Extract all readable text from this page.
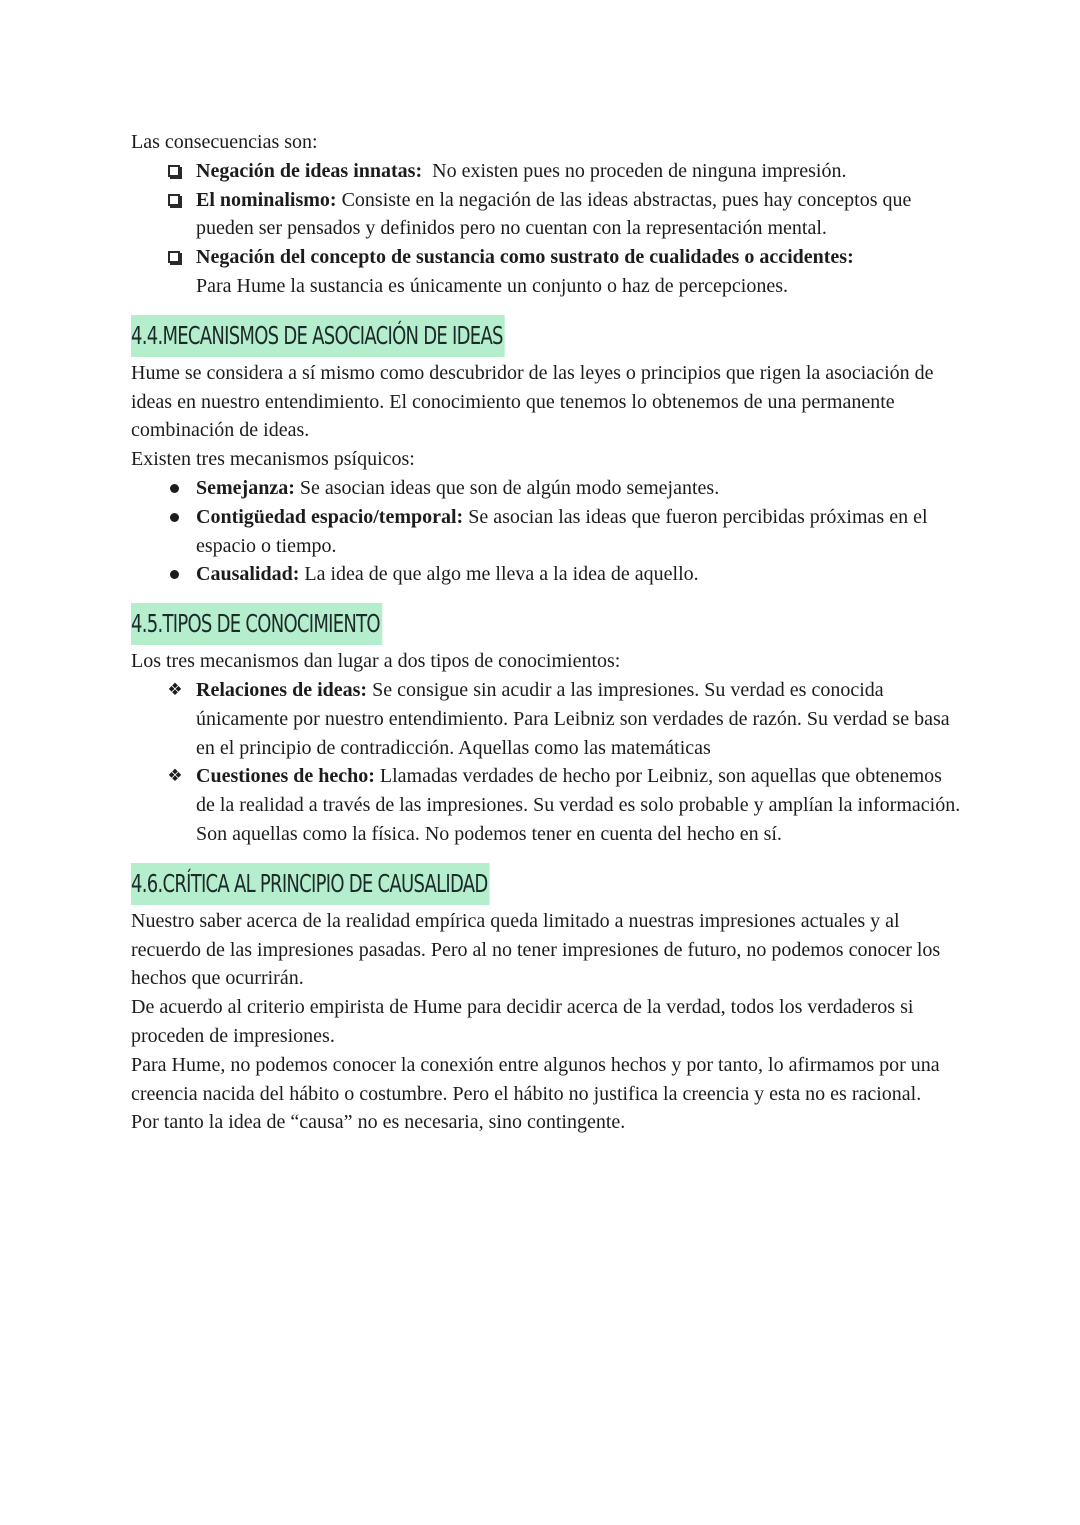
Las consecuencias son:

Negación de ideas innatas: No existen pues no proceden de ninguna impresión.
El nominalismo: Consiste en la negación de las ideas abstractas, pues hay conceptos que pueden ser pensados y definidos pero no cuentan con la representación mental.
Negación del concepto de sustancia como sustrato de cualidades o accidentes:
Para Hume la sustancia es únicamente un conjunto o haz de percepciones.
4.4.MECANISMOS DE ASOCIACIÓN DE IDEAS

Hume se considera a sí mismo como descubridor de las leyes o principios que rigen la asociación de ideas en nuestro entendimiento. El conocimiento que tenemos lo obtenemos de una permanente combinación de ideas.

Existen tres mecanismos psíquicos:

Semejanza: Se asocian ideas que son de algún modo semejantes.
Contigüedad espacio/temporal: Se asocian las ideas que fueron percibidas próximas en el espacio o tiempo.
Causalidad: La idea de que algo me lleva a la idea de aquello.
4.5.TIPOS DE CONOCIMIENTO

Los tres mecanismos dan lugar a dos tipos de conocimientos:

❖ Relaciones de ideas: Se consigue sin acudir a las impresiones. Su verdad es conocida únicamente por nuestro entendimiento. Para Leibniz son verdades de razón. Su verdad se basa en el principio de contradicción. Aquellas como las matemáticas
❖ Cuestiones de hecho: Llamadas verdades de hecho por Leibniz, son aquellas que obtenemos de la realidad a través de las impresiones. Su verdad es solo probable y amplían la información. Son aquellas como la física. No podemos tener en cuenta del hecho en sí.
4.6.CRÍTICA AL PRINCIPIO DE CAUSALIDAD

Nuestro saber acerca de la realidad empírica queda limitado a nuestras impresiones actuales y al recuerdo de las impresiones pasadas. Pero al no tener impresiones de futuro, no podemos conocer los hechos que ocurrirán.

De acuerdo al criterio empirista de Hume para decidir acerca de la verdad, todos los verdaderos si proceden de impresiones.

Para Hume, no podemos conocer la conexión entre algunos hechos y por tanto, lo afirmamos por una creencia nacida del hábito o costumbre. Pero el hábito no justifica la creencia y esta no es racional.

Por tanto la idea de “causa” no es necesaria, sino contingente.
